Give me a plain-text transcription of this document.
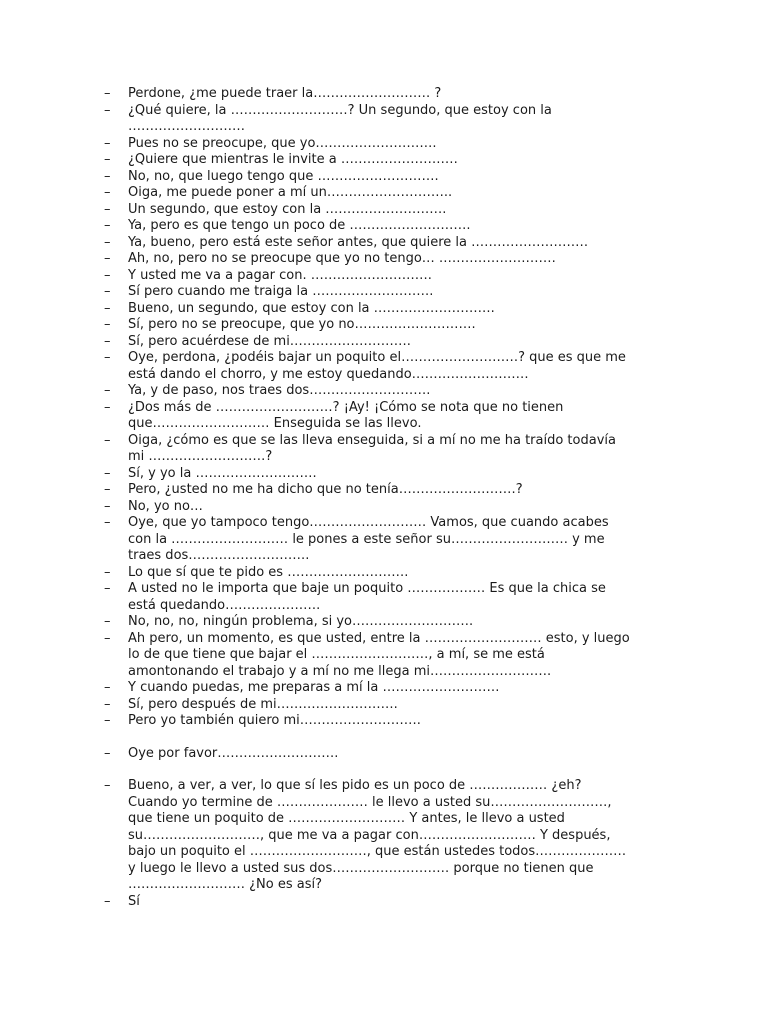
– Perdone, ¿me puede traer la……………………… ?
– ¿Qué quiere, la ………………………? Un segundo, que estoy con la
………………………
– Pues no se preocupe, que yo……………………….
– ¿Quiere que mientras le invite a ………………………
– No, no, que luego tengo que ……………………….
– Oiga, me puede poner a mí un………………………..
– Un segundo, que estoy con la ……………………….
– Ya, pero es que tengo un poco de ……………………….
– Ya, bueno, pero está este señor antes, que quiere la ………………………
– Ah, no, pero no se preocupe que yo no tengo… ………………………
– Y usted me va a pagar con. ……………………….
– Sí pero cuando me traiga la ……………………….
– Bueno, un segundo, que estoy con la ……………………….
– Sí, pero no se preocupe, que yo no……………………….
– Sí, pero acuérdese de mi……………………….
– Oye, perdona, ¿podéis bajar un poquito el………………………? que es que me
está dando el chorro, y me estoy quedando………………………
– Ya, y de paso, nos traes dos……………………….
– ¿Dos más de ………………………? ¡Ay! ¡Cómo se nota que no tienen
que……………………… Enseguida se las llevo.
– Oiga, ¿cómo es que se las lleva enseguida, si a mí no me ha traído todavía
mi ………………………?
– Sí, y yo la ……………………….
– Pero, ¿usted no me ha dicho que no tenía………………………?
– No, yo no…
– Oye, que yo tampoco tengo……………………… Vamos, que cuando acabes
con la ……………………… le pones a este señor su……………………… y me
traes dos……………………….
– Lo que sí que te pido es ……………………….
– A usted no le importa que baje un poquito ……………… Es que la chica se
está quedando………………….
– No, no, no, ningún problema, si yo……………………….
– Ah pero, un momento, es que usted, entre la ……………………… esto, y luego
lo de que tiene que bajar el ………………………, a mí, se me está
amontonando el trabajo y a mí no me llega mi……………………….
– Y cuando puedas, me preparas a mí la ………………………
– Sí, pero después de mi……………………….
– Pero yo también quiero mi……………………….
– Oye por favor……………………….
– Bueno, a ver, a ver, lo que sí les pido es un poco de ……………… ¿eh?
Cuando yo termine de ………………… le llevo a usted su………………………,
que tiene un poquito de ……………………… Y antes, le llevo a usted
su………………………, que me va a pagar con……………………… Y después,
bajo un poquito el ………………………, que están ustedes todos…………………
y luego le llevo a usted sus dos……………………… porque no tienen que
……………………… ¿No es así?
– Sí
